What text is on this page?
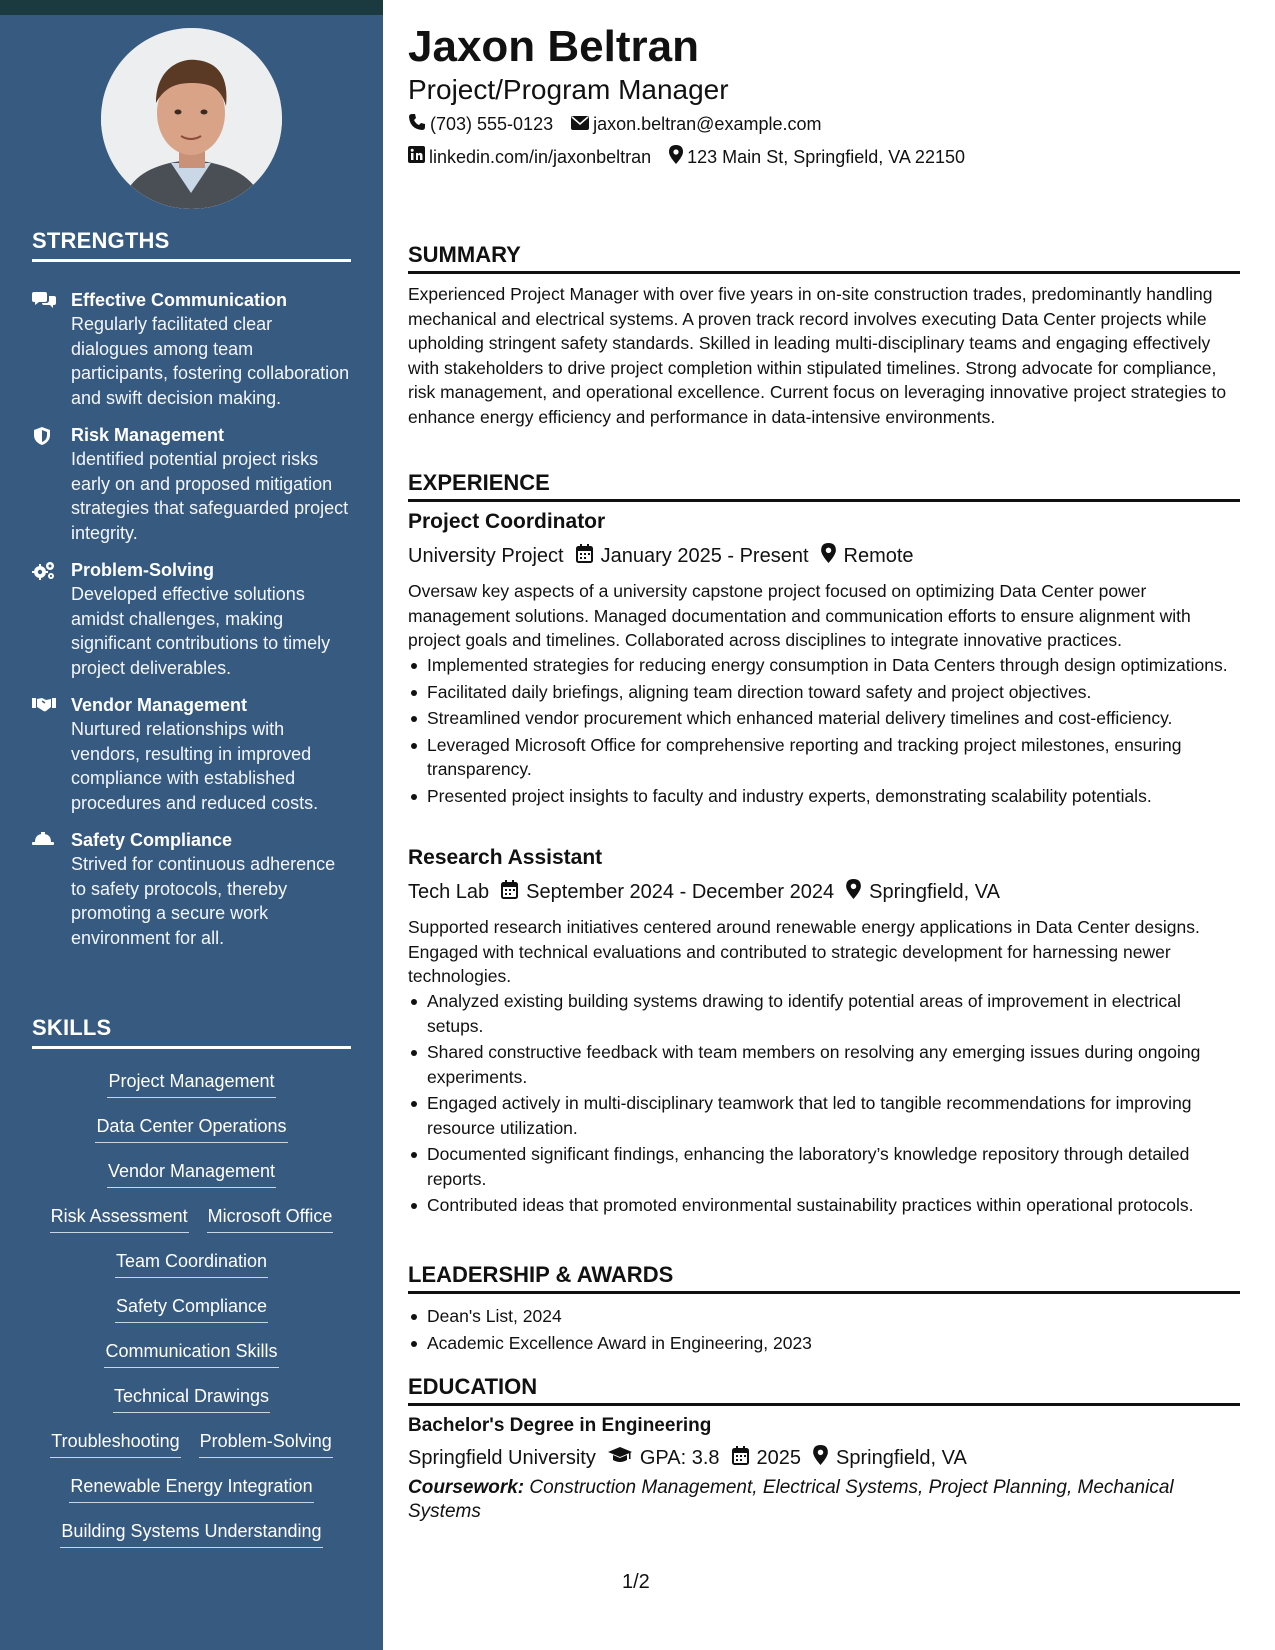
STRENGTHS
Effective Communication
Regularly facilitated clear dialogues among team participants, fostering collaboration and swift decision making.
Risk Management
Identified potential project risks early on and proposed mitigation strategies that safeguarded project integrity.
Problem-Solving
Developed effective solutions amidst challenges, making significant contributions to timely project deliverables.
Vendor Management
Nurtured relationships with vendors, resulting in improved compliance with established procedures and reduced costs.
Safety Compliance
Strived for continuous adherence to safety protocols, thereby promoting a secure work environment for all.
SKILLS
Project Management
Data Center Operations
Vendor Management
Risk Assessment Microsoft Office
Team Coordination
Safety Compliance
Communication Skills
Technical Drawings
Troubleshooting Problem-Solving
Renewable Energy Integration
Building Systems Understanding
Jaxon Beltran
Project/Program Manager
(703) 555-0123 jaxon.beltran@example.com
linkedin.com/in/jaxonbeltran 123 Main St, Springfield, VA 22150
SUMMARY
Experienced Project Manager with over five years in on-site construction trades, predominantly handling mechanical and electrical systems. A proven track record involves executing Data Center projects while upholding stringent safety standards. Skilled in leading multi-disciplinary teams and engaging effectively with stakeholders to drive project completion within stipulated timelines. Strong advocate for compliance, risk management, and operational excellence. Current focus on leveraging innovative project strategies to enhance energy efficiency and performance in data-intensive environments.
EXPERIENCE
Project Coordinator
University Project January 2025 - Present Remote
Oversaw key aspects of a university capstone project focused on optimizing Data Center power management solutions. Managed documentation and communication efforts to ensure alignment with project goals and timelines. Collaborated across disciplines to integrate innovative practices.
Implemented strategies for reducing energy consumption in Data Centers through design optimizations.
Facilitated daily briefings, aligning team direction toward safety and project objectives.
Streamlined vendor procurement which enhanced material delivery timelines and cost-efficiency.
Leveraged Microsoft Office for comprehensive reporting and tracking project milestones, ensuring transparency.
Presented project insights to faculty and industry experts, demonstrating scalability potentials.
Research Assistant
Tech Lab September 2024 - December 2024 Springfield, VA
Supported research initiatives centered around renewable energy applications in Data Center designs. Engaged with technical evaluations and contributed to strategic development for harnessing newer technologies.
Analyzed existing building systems drawing to identify potential areas of improvement in electrical setups.
Shared constructive feedback with team members on resolving any emerging issues during ongoing experiments.
Engaged actively in multi-disciplinary teamwork that led to tangible recommendations for improving resource utilization.
Documented significant findings, enhancing the laboratory’s knowledge repository through detailed reports.
Contributed ideas that promoted environmental sustainability practices within operational protocols.
LEADERSHIP & AWARDS
Dean's List, 2024
Academic Excellence Award in Engineering, 2023
EDUCATION
Bachelor's Degree in Engineering
Springfield University GPA: 3.8 2025 Springfield, VA
Coursework: Construction Management, Electrical Systems, Project Planning, Mechanical Systems
1/2
